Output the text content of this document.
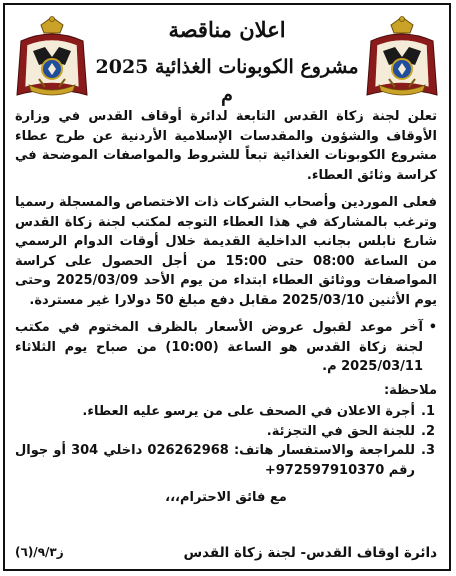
اعلان مناقصة
مشروع الكوبونات الغذائية 2025 م

تعلن لجنة زكاة القدس التابعة لدائرة أوقاف القدس في وزارة الأوقاف والشؤون والمقدسات الإسلامية الأردنية عن طرح عطاء مشروع الكوبونات الغذائية تبعاً للشروط والمواصفات الموضحة في كراسة وثائق العطاء.

فعلى الموردين وأصحاب الشركات ذات الاختصاص والمسجلة رسميا وترغب بالمشاركة في هذا العطاء التوجه لمكتب لجنة زكاة القدس شارع نابلس بجانب الداخلية القديمة خلال أوقات الدوام الرسمي من الساعة 08:00 حتى 15:00 من أجل الحصول على كراسة المواصفات ووثائق العطاء ابتداء من يوم الأحد 2025/03/09 وحتى يوم الأثنين 2025/03/10 مقابل دفع مبلغ 50 دولارا غير مستردة.

• آخر موعد لقبول عروض الأسعار بالظرف المختوم في مكتب لجنة زكاة القدس هو الساعة (10:00) من صباح يوم الثلاثاء 2025/03/11 م.
ملاحظة:
1.
أجرة الاعلان في الصحف على من يرسو عليه العطاء.
2.
للجنة الحق في التجزئة.
3.
للمراجعة والاستفسار هاتف: 026262968 داخلي 304 أو جوال رقم 972597910370+
مع فائق الاحترام،،،
دائرة اوقاف القدس- لجنة زكاة القدس
ز٩/٣/(٦)
